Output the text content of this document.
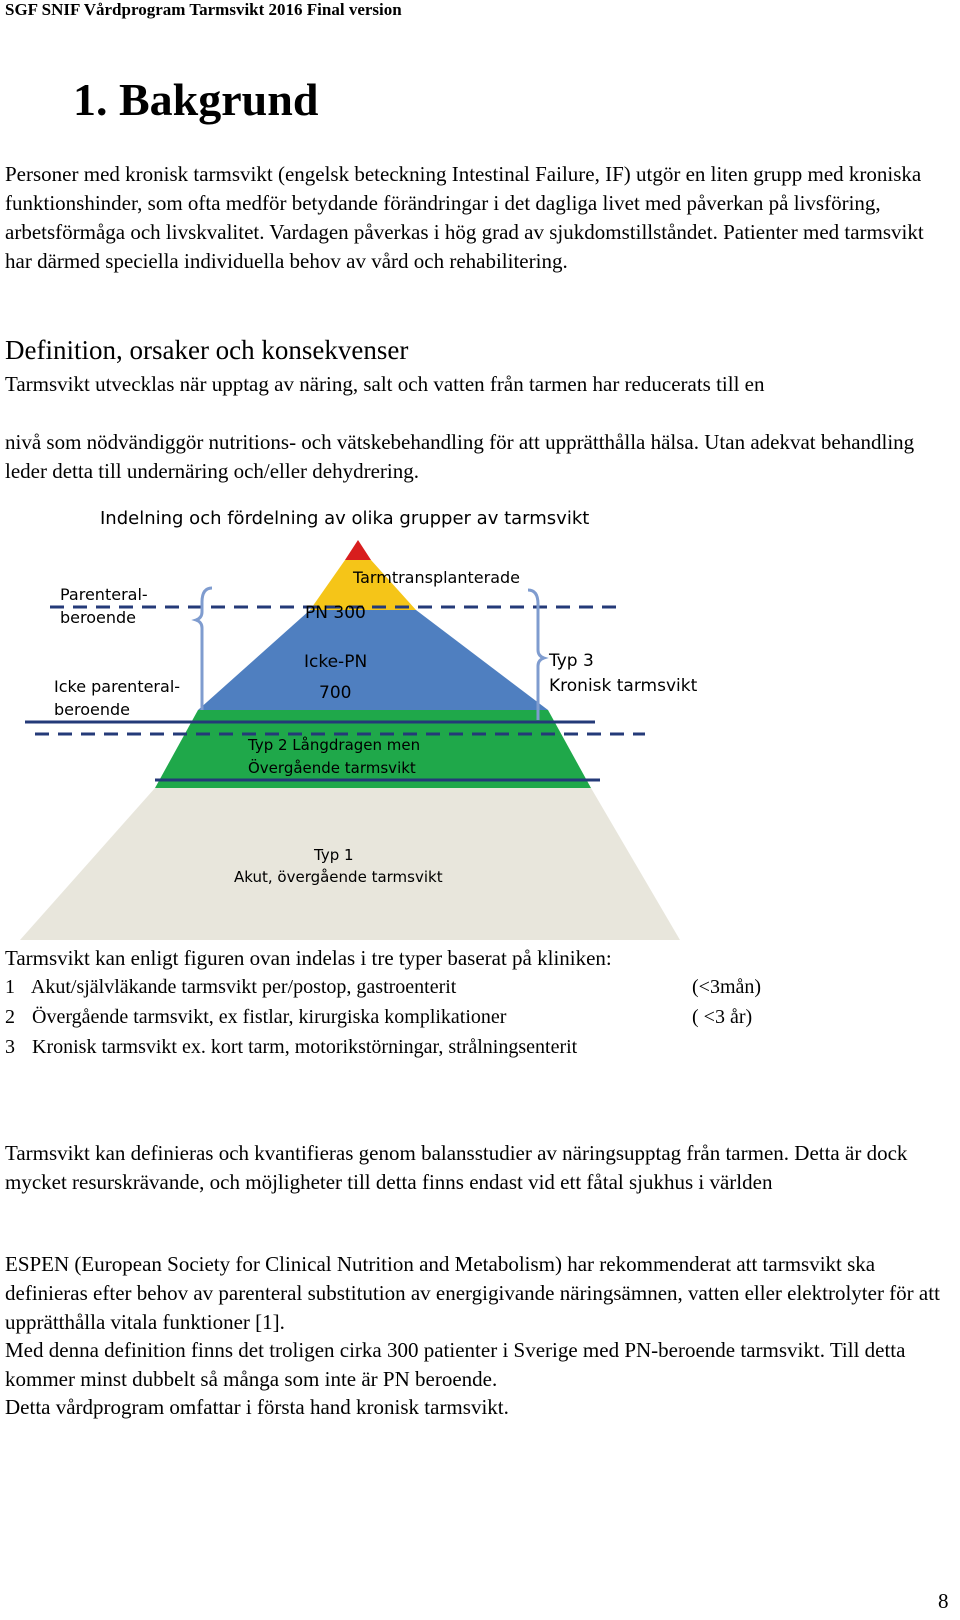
SGF SNIF Vårdprogram Tarmsvikt 2016 Final version
1. Bakgrund
Personer med kronisk tarmsvikt (engelsk beteckning Intestinal Failure, IF) utgör en liten grupp med kroniska funktionshinder, som ofta medför betydande förändringar i det dagliga livet med påverkan på livsföring, arbetsförmåga och livskvalitet. Vardagen påverkas i hög grad av sjukdomstillståndet. Patienter med tarmsvikt har därmed speciella individuella behov av vård och rehabilitering.
Definition, orsaker och konsekvenser
Tarmsvikt utvecklas när upptag av näring, salt och vatten från tarmen har reducerats till en
nivå som nödvändiggör nutritions- och vätskebehandling för att upprätthålla hälsa. Utan adekvat behandling leder detta till undernäring och/eller dehydrering.
Indelning och fördelning av olika grupper av tarmsvikt
Parenteral-
beroende
Icke parenteral-
beroende
Tarmtransplanterade
PN 300
Icke-PN
700
Typ 3
Kronisk tarmsvikt
Typ 2 Långdragen men
Övergående tarmsvikt
Typ 1
Akut, övergående tarmsvikt
Tarmsvikt kan enligt figuren ovan indelas i tre typer baserat på kliniken:
1 Akut/självläkande tarmsvikt per/postop, gastroenterit	(<3mån)
2 Övergående tarmsvikt, ex fistlar, kirurgiska komplikationer	( <3 år)
3 Kronisk tarmsvikt ex. kort tarm, motorikstörningar, strålningsenterit
Tarmsvikt kan definieras och kvantifieras genom balansstudier av näringsupptag från tarmen. Detta är dock mycket resurskrävande, och möjligheter till detta finns endast vid ett fåtal sjukhus i världen
ESPEN (European Society for Clinical Nutrition and Metabolism) har rekommenderat att tarmsvikt ska definieras efter behov av parenteral substitution av energigivande näringsämnen, vatten eller elektrolyter för att upprätthålla vitala funktioner [1].
Med denna definition finns det troligen cirka 300 patienter i Sverige med PN-beroende tarmsvikt. Till detta kommer minst dubbelt så många som inte är PN beroende.
Detta vårdprogram omfattar i första hand kronisk tarmsvikt.
8
